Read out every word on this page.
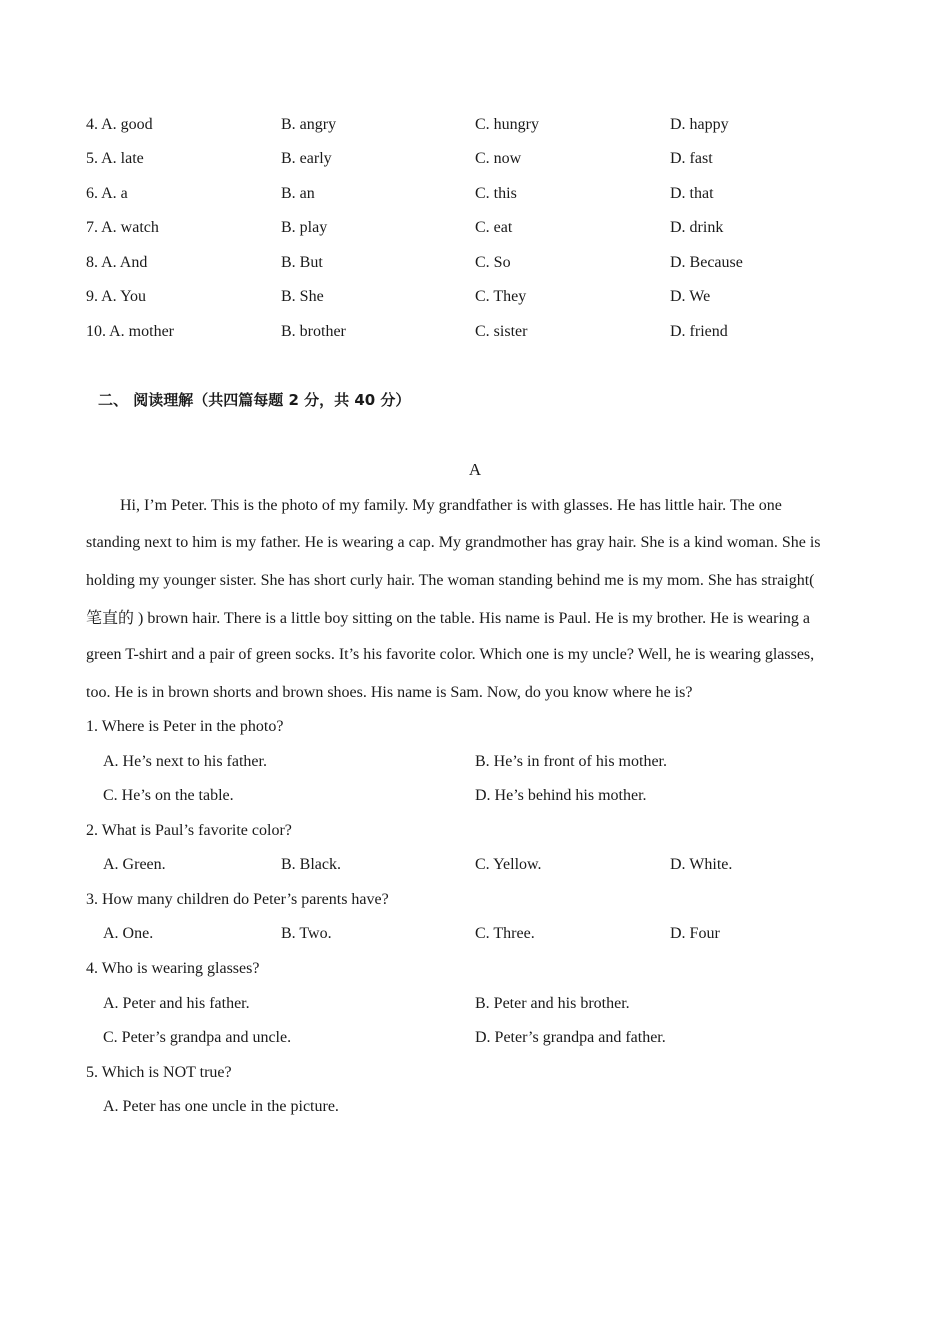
4. A. good	B. angry	C. hungry	D. happy
5. A. late	B. early	C. now	D. fast
6. A. a	B. an	C. this	D. that
7. A. watch	B. play	C. eat	D. drink
8. A. And	B. But	C. So	D. Because
9. A. You	B. She	C. They	D. We
10. A. mother	B. brother	C. sister	D. friend
二、 阅读理解（共四篇每题 2 分，共 40 分）
A
Hi, I’m Peter. This is the photo of my family. My grandfather is with glasses. He has little hair. The one
standing next to him is my father. He is wearing a cap. My grandmother has gray hair. She is a kind woman. She is
holding my younger sister. She has short curly hair. The woman standing behind me is my mom. She has straight(
笔直的 ) brown hair. There is a little boy sitting on the table. His name is Paul. He is my brother. He is wearing a
green T-shirt and a pair of green socks. It’s his favorite color. Which one is my uncle? Well, he is wearing glasses,
too. He is in brown shorts and brown shoes. His name is Sam. Now, do you know where he is?
1. Where is Peter in the photo?
A. He’s next to his father.	B. He’s in front of his mother.
C. He’s on the table.	D. He’s behind his mother.
2. What is Paul’s favorite color?
A. Green.	B. Black.	C. Yellow.	D. White.
3. How many children do Peter’s parents have?
A. One.	B. Two.	C. Three.	D. Four
4. Who is wearing glasses?
A. Peter and his father.	B. Peter and his brother.
C. Peter’s grandpa and uncle.	D. Peter’s grandpa and father.
5. Which is NOT true?
A. Peter has one uncle in the picture.
